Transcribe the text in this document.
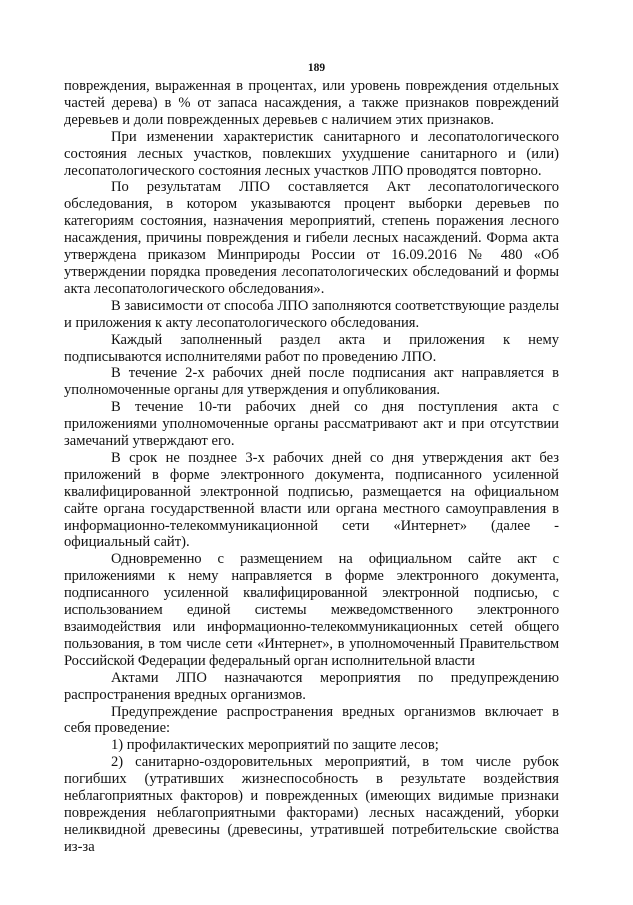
189

повреждения, выраженная в процентах, или уровень повреждения отдельных частей дерева) в % от запаса насаждения, а также признаков повреждений деревьев и доли поврежденных деревьев с наличием этих признаков.

При изменении характеристик санитарного и лесопатологического состояния лесных участков, повлекших ухудшение санитарного и (или) лесопатологического состояния лесных участков ЛПО проводятся повторно.

По результатам ЛПО составляется Акт лесопатологического обследования, в котором указываются процент выборки деревьев по категориям состояния, назначения мероприятий, степень поражения лесного насаждения, причины повреждения и гибели лесных насаждений. Форма акта утверждена приказом Минприроды России от 16.09.2016 № 480 «Об утверждении порядка проведения лесопатологических обследований и формы акта лесопатологического обследования».

В зависимости от способа ЛПО заполняются соответствующие разделы и приложения к акту лесопатологического обследования.

Каждый заполненный раздел акта и приложения к нему подписываются исполнителями работ по проведению ЛПО.

В течение 2-х рабочих дней после подписания акт направляется в уполномоченные органы для утверждения и опубликования.

В течение 10-ти рабочих дней со дня поступления акта с приложениями уполномоченные органы рассматривают акт и при отсутствии замечаний утверждают его.

В срок не позднее 3-х рабочих дней со дня утверждения акт без приложений в форме электронного документа, подписанного усиленной квалифицированной электронной подписью, размещается на официальном сайте органа государственной власти или органа местного самоуправления в информационно-телекоммуникационной сети «Интернет» (далее - официальный сайт).

Одновременно с размещением на официальном сайте акт с приложениями к нему направляется в форме электронного документа, подписанного усиленной квалифицированной электронной подписью, с использованием единой системы межведомственного электронного взаимодействия или информационно-телекоммуникационных сетей общего пользования, в том числе сети «Интернет», в уполномоченный Правительством Российской Федерации федеральный орган исполнительной власти

Актами ЛПО назначаются мероприятия по предупреждению распространения вредных организмов.

Предупреждение распространения вредных организмов включает в себя проведение:

1) профилактических мероприятий по защите лесов;

2) санитарно-оздоровительных мероприятий, в том числе рубок погибших (утративших жизнеспособность в результате воздействия неблагоприятных факторов) и поврежденных (имеющих видимые признаки повреждения неблагоприятными факторами) лесных насаждений, уборки неликвидной древесины (древесины, утратившей потребительские свойства из-за
